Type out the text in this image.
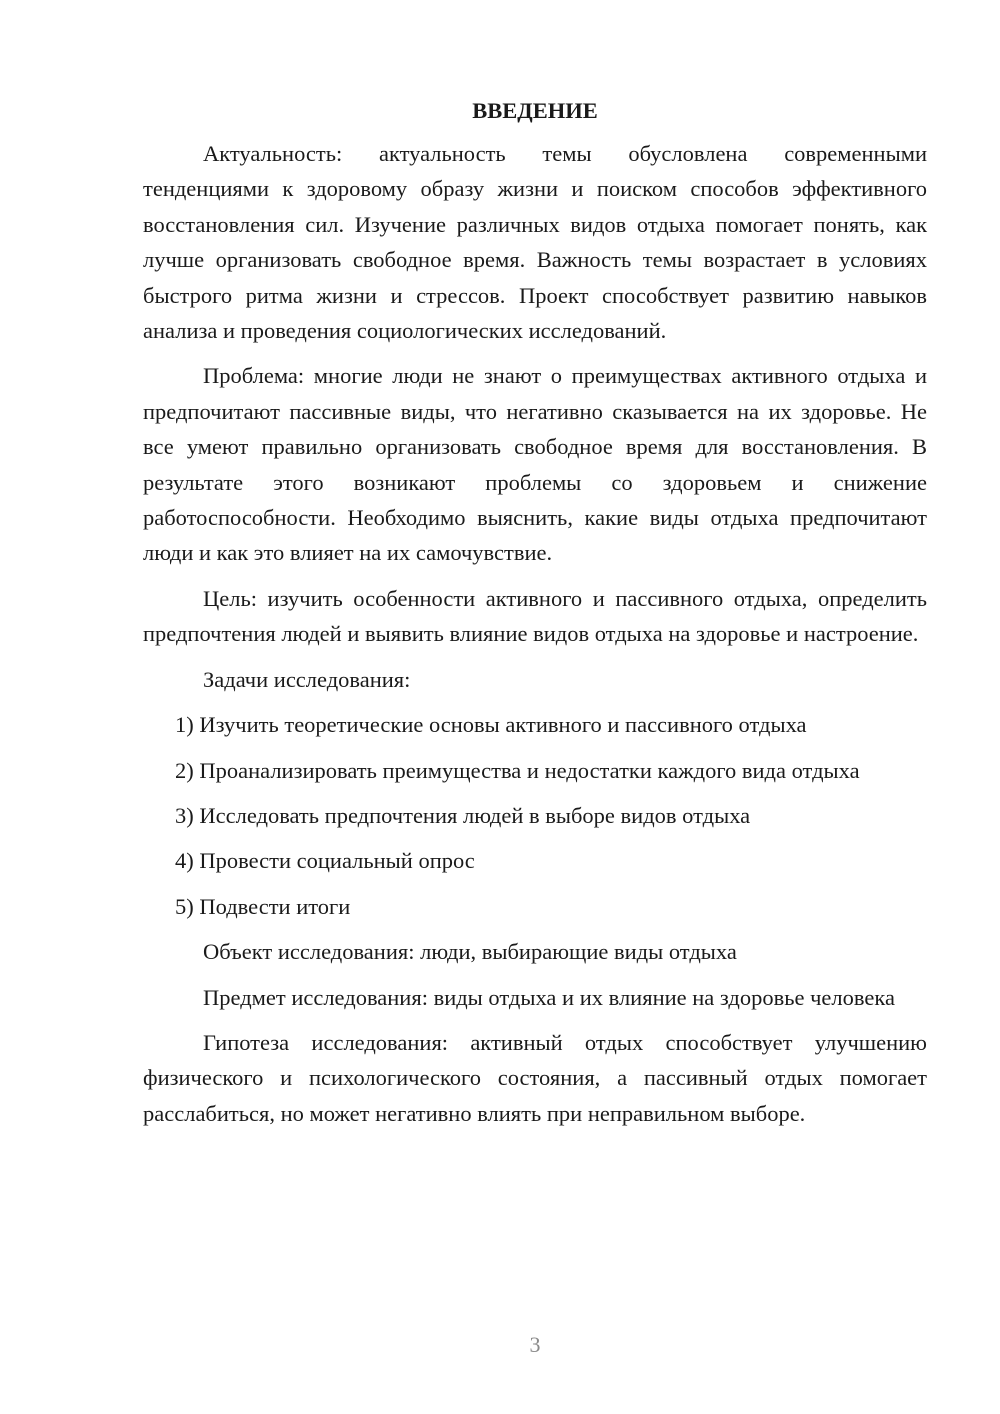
ВВЕДЕНИЕ

Актуальность: актуальность темы обусловлена современными тенденциями к здоровому образу жизни и поиском способов эффективного восстановления сил. Изучение различных видов отдыха помогает понять, как лучше организовать свободное время. Важность темы возрастает в условиях быстрого ритма жизни и стрессов. Проект способствует развитию навыков анализа и проведения социологических исследований.

Проблема: многие люди не знают о преимуществах активного отдыха и предпочитают пассивные виды, что негативно сказывается на их здоровье. Не все умеют правильно организовать свободное время для восстановления. В результате этого возникают проблемы со здоровьем и снижение работоспособности. Необходимо выяснить, какие виды отдыха предпочитают люди и как это влияет на их самочувствие.

Цель: изучить особенности активного и пассивного отдыха, определить предпочтения людей и выявить влияние видов отдыха на здоровье и настроение.

Задачи исследования:

1) Изучить теоретические основы активного и пассивного отдыха

2) Проанализировать преимущества и недостатки каждого вида отдыха

3) Исследовать предпочтения людей в выборе видов отдыха

4) Провести социальный опрос

5) Подвести итоги

Объект исследования: люди, выбирающие виды отдыха

Предмет исследования: виды отдыха и их влияние на здоровье человека

Гипотеза исследования: активный отдых способствует улучшению физического и психологического состояния, а пассивный отдых помогает расслабиться, но может негативно влиять при неправильном выборе.

3
